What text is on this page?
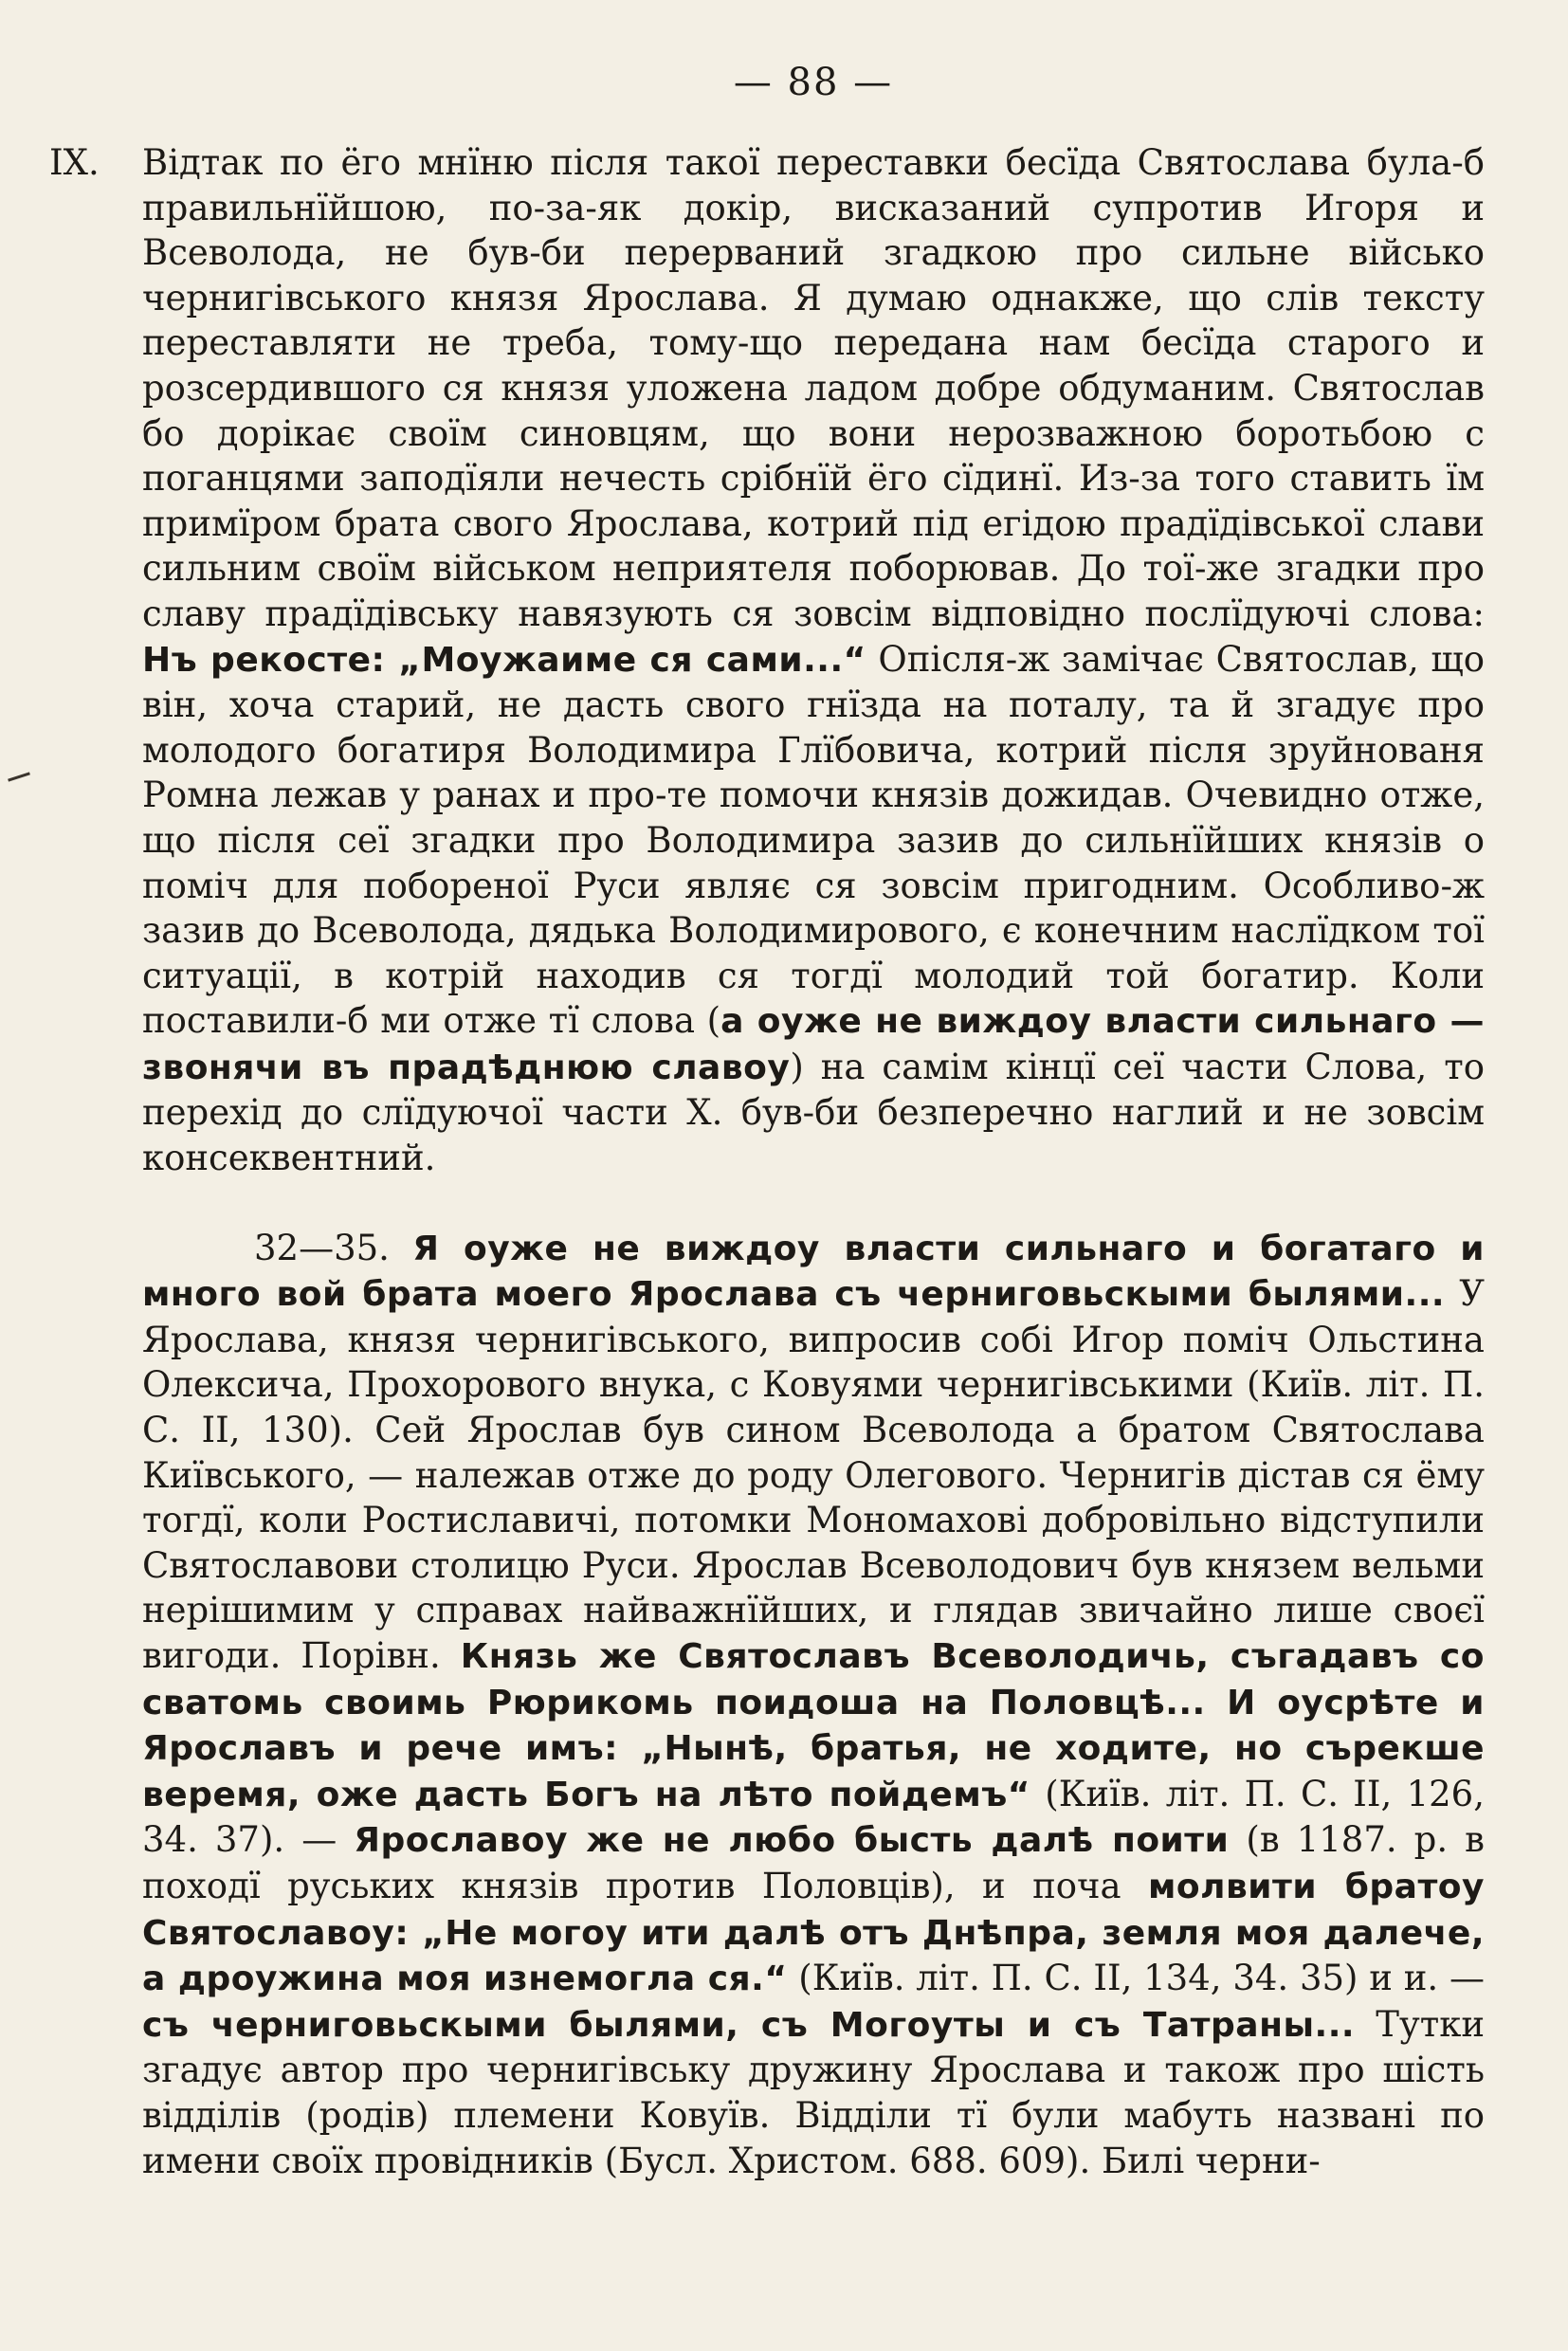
— 88 —

IX. Відтак по ёго мнїню після такої переставки бесїда Святослава була-б правильнїйшою, по-за-як докір, висказаний супротив Игоря и Всеволода, не був-би перерваний згадкою про сильне військо чернигівського князя Ярослава. Я думаю однакже, що слів тексту переставляти не треба, тому-що передана нам бесїда старого и розсердившого ся князя уложена ладом добре обдуманим. Святослав бо дорікає своїм синовцям, що вони нерозважною боротьбою с поганцями заподїяли нечесть срібнїй ёго сїдинї. Из-за того ставить їм примїром брата свого Ярослава, котрий під егідою прадїдівської слави сильним своїм військом неприятеля поборював. До тої-же згадки про славу прадїдівську навязують ся зовсім відповідно послїдуючі слова: Нъ рекосте: „Моужаиме ся сами...“ Опісля-ж замічає Святослав, що він, хоча старий, не дасть свого гнїзда на поталу, та й згадує про молодого богатиря Володимира Глїбовича, котрий після зруйнованя Ромна лежав у ранах и про-те помочи князів дожидав. Очевидно отже, що після сеї згадки про Володимира зазив до сильнїйших князів о поміч для побореної Руси являє ся зовсім пригодним. Особливо-ж зазив до Всеволода, дядька Володимирового, є конечним наслїдком тої ситуації, в котрій находив ся тогдї молодий той богатир. Коли поставили-б ми отже тї слова (а оуже не виждоу власти сильнаго — звонячи въ прадѣднюю славоу) на самім кінцї сеї части Слова, то перехід до слїдуючої части X. був-би безперечно наглий и не зовсім консеквентний.

32—35. Я оуже не виждоу власти сильнаго и богатаго и много вой брата моего Ярослава съ черниговьскыми былями... У Ярослава, князя чернигівського, випросив собі Игор поміч Ольстина Олексича, Прохорового внука, с Ковуями чернигівськими (Київ. літ. П. С. II, 130). Сей Ярослав був сином Всеволода а братом Святослава Київського, — належав отже до роду Олегового. Чернигів дістав ся ёму тогдї, коли Ростиславичі, потомки Мономахові добровільно відступили Святославови столицю Руси. Ярослав Всеволодович був князем вельми нерішимим у справах найважнїйших, и глядав звичайно лише своєї вигоди. Порівн. Князь же Святославъ Всеволодичь, съгадавъ со сватомь своимь Рюрикомь поидоша на Половцѣ... И оусрѣте и Ярославъ и рече имъ: „Нынѣ, братья, не ходите, но сърекше веремя, оже дасть Богъ на лѣто пойдемъ“ (Київ. літ. П. С. II, 126, 34. 37). — Ярославоу же не любо бысть далѣ поити (в 1187. р. в походї руських князів против Половців), и поча молвити братоу Святославоу: „Не могоу ити далѣ отъ Днѣпра, земля моя далече, а дроужина моя изнемогла ся.“ (Київ. літ. П. С. II, 134, 34. 35) и и. — съ черниговьскыми былями, съ Могоуты и съ Татраны... Тутки згадує автор про чернигівську дружину Ярослава и також про шість відділів (родів) племени Ковуїв. Відділи тї були мабуть названі по имени своїх провідників (Бусл. Христом. 688. 609). Билі черни-
